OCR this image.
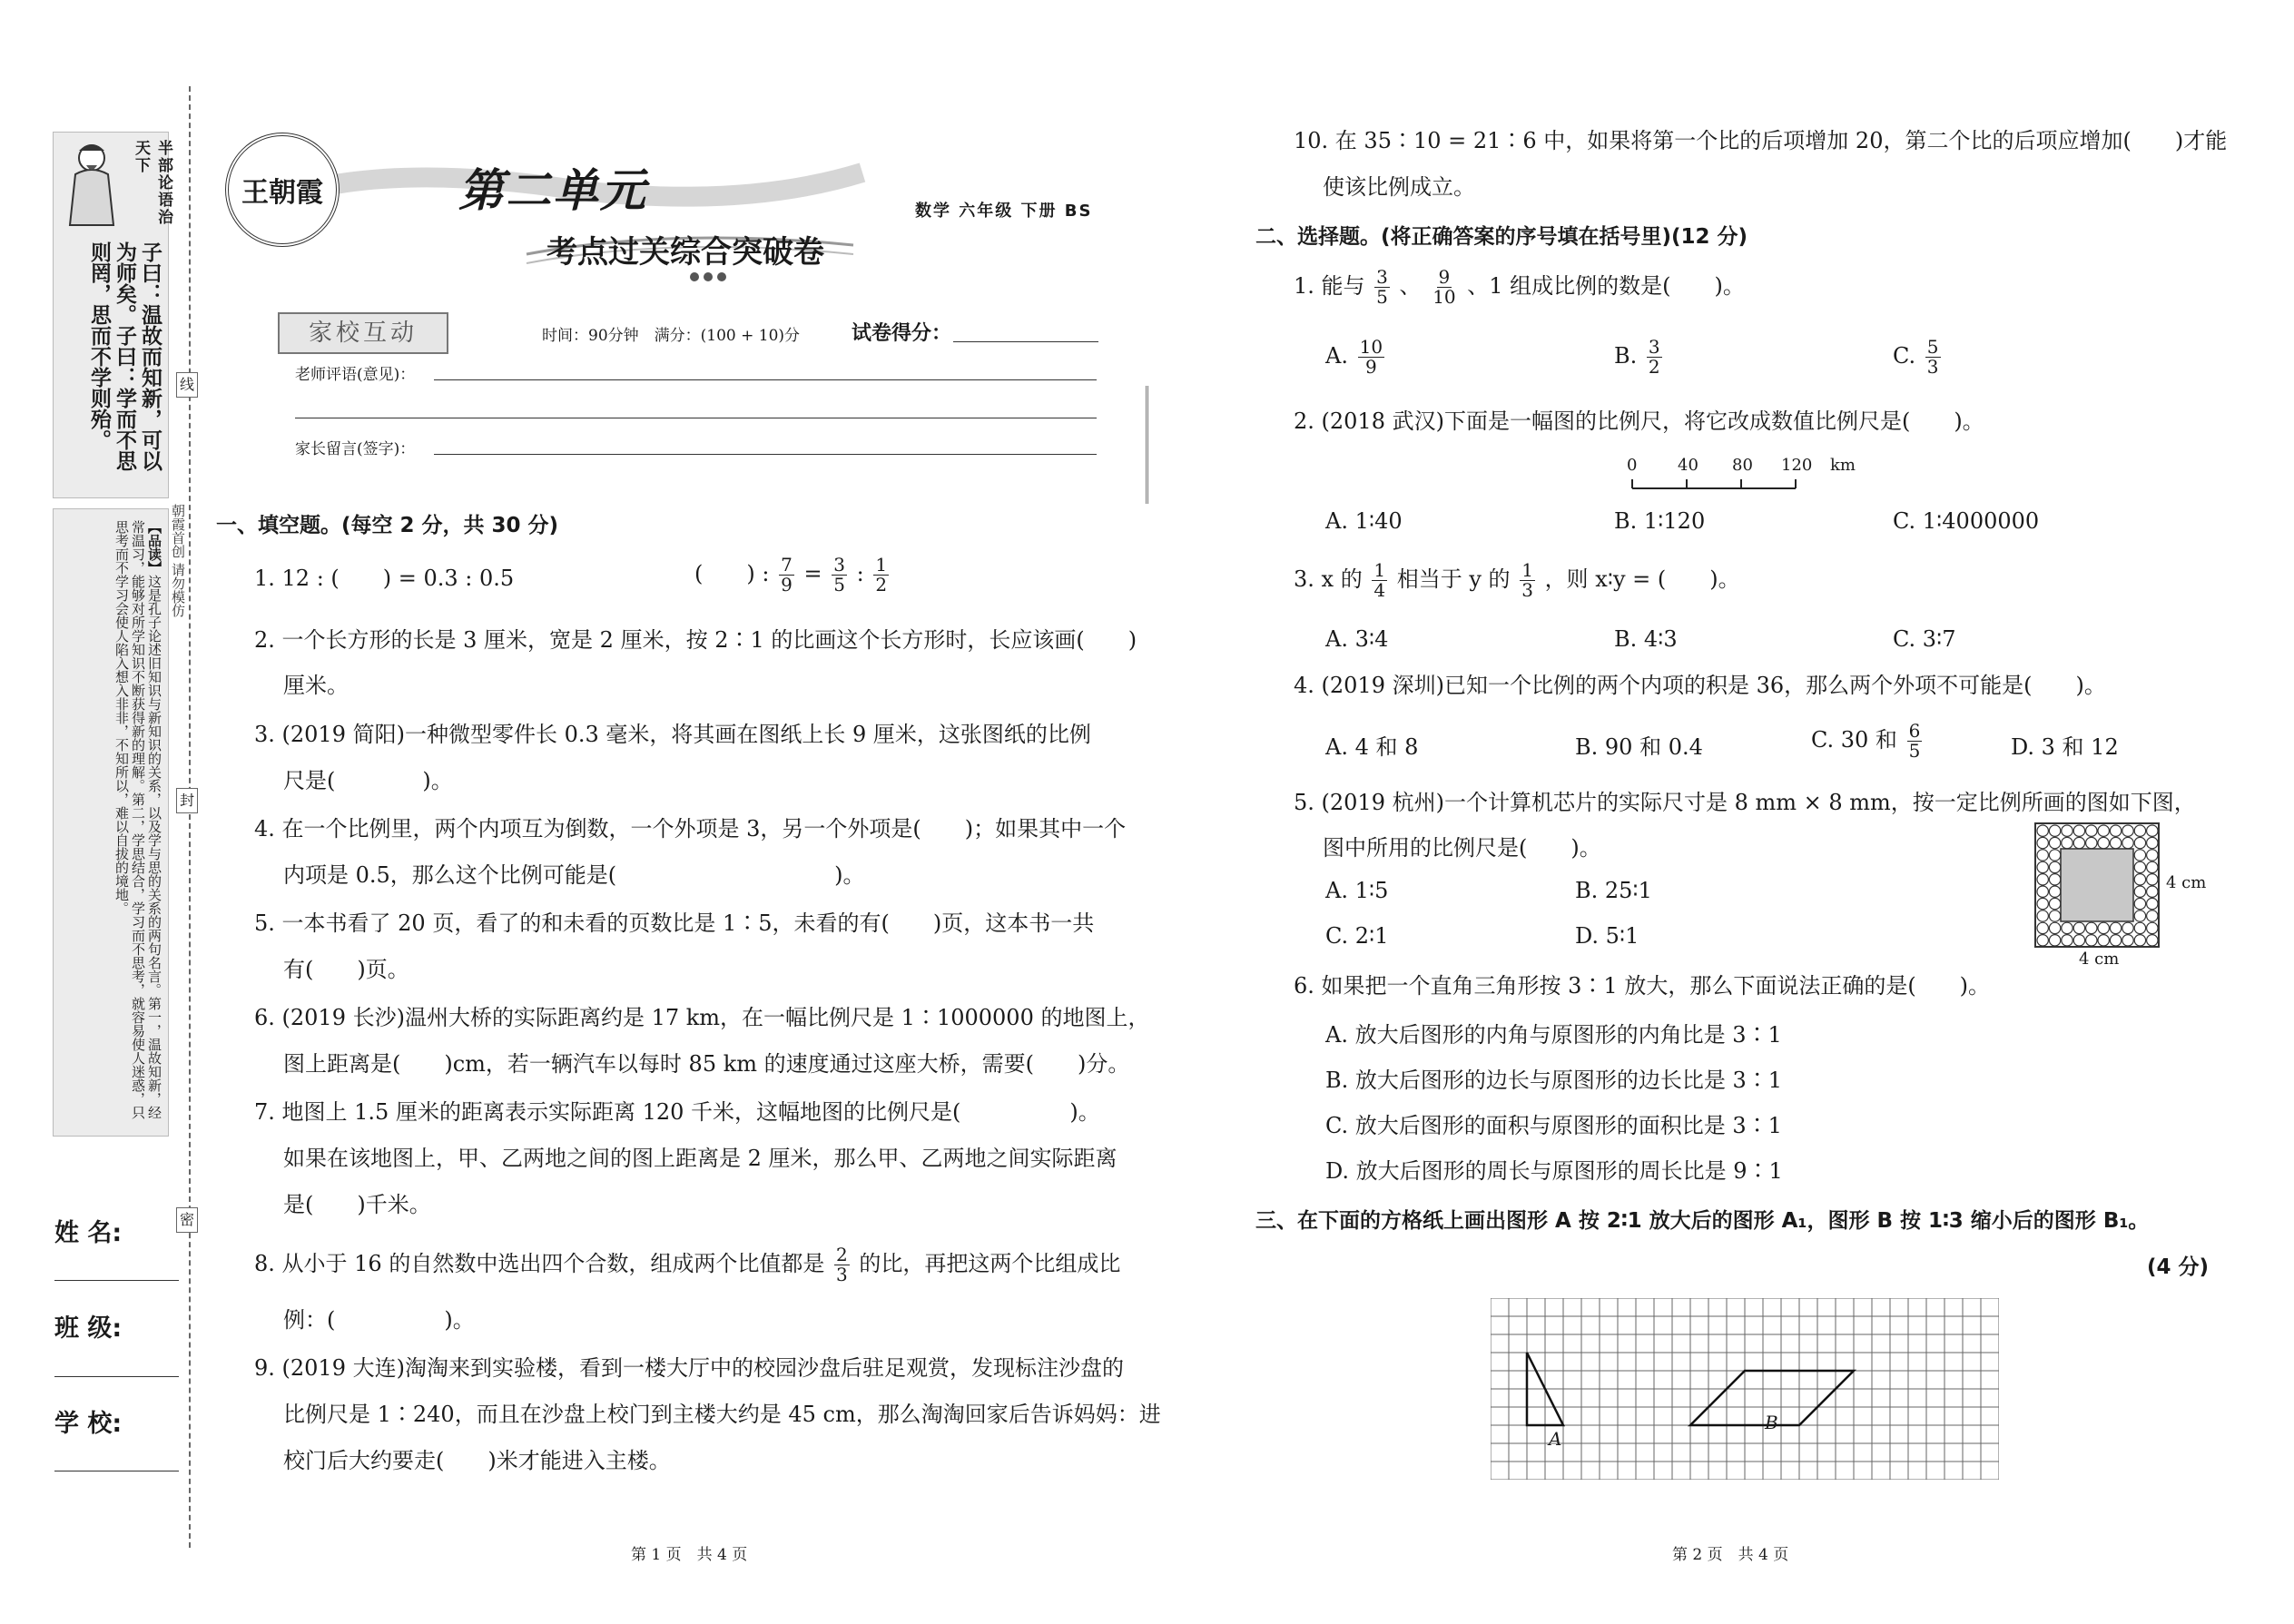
半部论语治天下
子曰：温故而知新，可以为师矣。子曰：学而不思则罔，思而不学则殆。
【品读】这是孔子论述旧知识与新知识的关系，以及学与思的关系的两句名言。第一，温故知新，经常温习，能够对所学知识不断获得新的理解。第二，学思结合，学习而不思考，就容易使人迷惑，只思考而不学习会使人陷入想入非非，不知所以，难以自拔的境地。
姓 名:
班 级:
学 校:
线
封
密
朝霞首创 请勿模仿
王朝霞	第二单元
考点过关综合突破卷
数学 六年级 下册 BS
家校互动	时间：90分钟　满分：(100 + 10)分	试卷得分：
老师评语(意见)：
家长留言(签字)：
一、填空题。(每空 2 分，共 30 分)
1. 12 : (　　) = 0.3 : 0.5	(　　) : $\frac{7}{9} = \frac{3}{5}$ : $\frac{1}{2}$
2. 一个长方形的长是 3 厘米，宽是 2 厘米，按 2∶1 的比画这个长方形时，长应该画(　　)
厘米。
3. (2019 简阳)一种微型零件长 0.3 毫米，将其画在图纸上长 9 厘米，这张图纸的比例
尺是(　　　　)。
4. 在一个比例里，两个内项互为倒数，一个外项是 3，另一个外项是(　　)；如果其中一个
内项是 0.5，那么这个比例可能是(　　　　　　　　　　)。
5. 一本书看了 20 页，看了的和未看的页数比是 1∶5，未看的有(　　)页，这本书一共
有(　　)页。
6. (2019 长沙)温州大桥的实际距离约是 17 km，在一幅比例尺是 1∶1000000 的地图上，
图上距离是(　　)cm，若一辆汽车以每时 85 km 的速度通过这座大桥，需要(　　)分。
7. 地图上 1.5 厘米的距离表示实际距离 120 千米，这幅地图的比例尺是(　　　　　)。
如果在该地图上，甲、乙两地之间的图上距离是 2 厘米，那么甲、乙两地之间实际距离
是(　　)千米。
8. 从小于 16 的自然数中选出四个合数，组成两个比值都是 $\frac{2}{3}$ 的比，再把这两个比组成比
例：(　　　　　)。
9. (2019 大连)淘淘来到实验楼，看到一楼大厅中的校园沙盘后驻足观赏，发现标注沙盘的
比例尺是 1∶240，而且在沙盘上校门到主楼大约是 45 cm，那么淘淘回家后告诉妈妈：进
校门后大约要走(　　)米才能进入主楼。
10. 在 35∶10 = 21∶6 中，如果将第一个比的后项增加 20，第二个比的后项应增加(　　)才能
使该比例成立。
二、选择题。(将正确答案的序号填在括号里)(12 分)
1. 能与 $\frac{3}{5}$ 、 $\frac{9}{10}$ 、1 组成比例的数是(　　)。
A. $\frac{10}{9}$	B. $\frac{3}{2}$	C. $\frac{5}{3}$
2. (2018 武汉)下面是一幅图的比例尺，将它改成数值比例尺是(　　)。
0 40 80 120 km
A. 1∶40	B. 1∶120	C. 1∶4000000
3. x 的 $\frac{1}{4}$ 相当于 y 的 $\frac{1}{3}$ ，则 x∶y = (　　)。
A. 3∶4	B. 4∶3	C. 3∶7
4. (2019 深圳)已知一个比例的两个内项的积是 36，那么两个外项不可能是(　　)。
A. 4 和 8	B. 90 和 0.4	C. 30 和 $\frac{6}{5}$	D. 3 和 12
5. (2019 杭州)一个计算机芯片的实际尺寸是 8 mm × 8 mm，按一定比例所画的图如下图，
图中所用的比例尺是(　　)。
A. 1∶5	B. 25∶1
C. 2∶1	D. 5∶1
4 cm
4 cm
6. 如果把一个直角三角形按 3∶1 放大，那么下面说法正确的是(　　)。
A. 放大后图形的内角与原图形的内角比是 3∶1
B. 放大后图形的边长与原图形的边长比是 3∶1
C. 放大后图形的面积与原图形的面积比是 3∶1
D. 放大后图形的周长与原图形的周长比是 9∶1
三、在下面的方格纸上画出图形 A 按 2∶1 放大后的图形 A₁，图形 B 按 1∶3 缩小后的图形 B₁。
(4 分)
A
B
第 1 页　共 4 页	第 2 页　共 4 页
